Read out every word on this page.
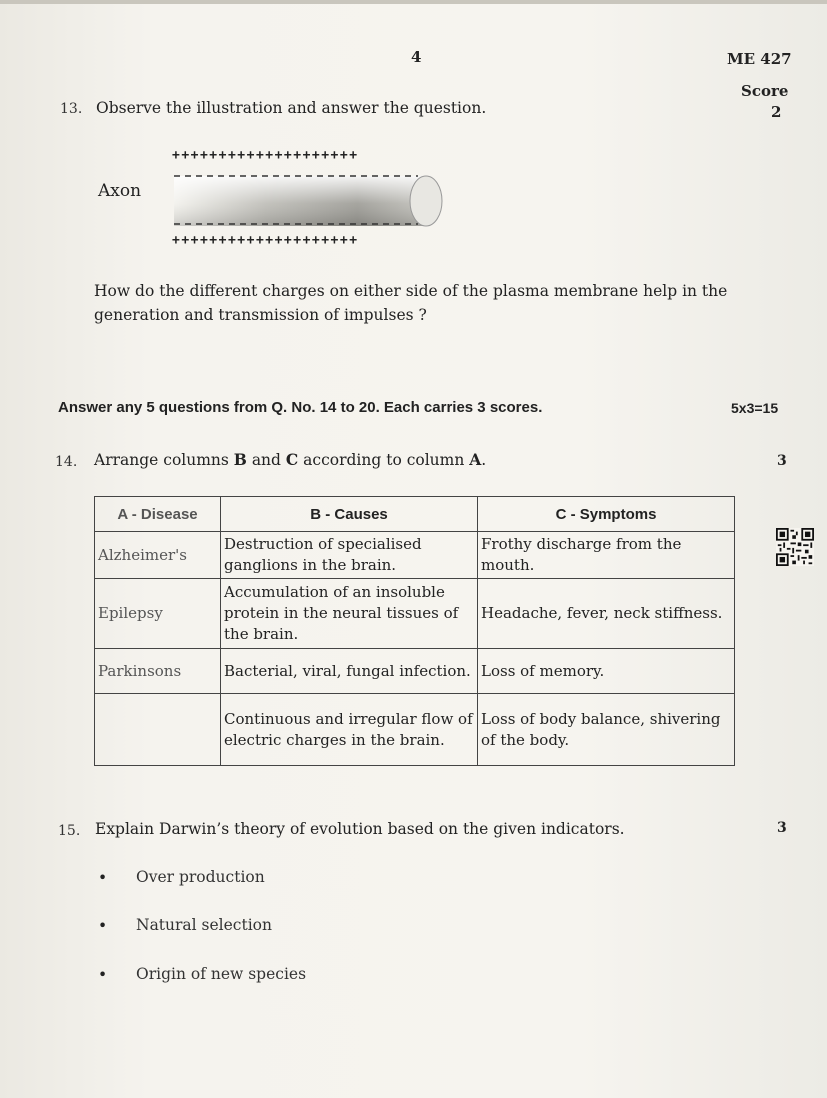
4	ME 427
Score
13. Observe the illustration and answer the question.	2
++++++++++++++++++++
Axon
++++++++++++++++++++
How do the different charges on either side of the plasma membrane help in the generation and transmission of impulses ?
Answer any 5 questions from Q. No. 14 to 20. Each carries 3 scores.	5x3=15
14. Arrange columns B and C according to column A.	3
A - Disease	B - Causes	C - Symptoms
Alzheimer's	Destruction of specialised ganglions in the brain.	Frothy discharge from the mouth.
Epilepsy	Accumulation of an insoluble protein in the neural tissues of the brain.	Headache, fever, neck stiffness.
Parkinsons	Bacterial, viral, fungal infection.	Loss of memory.
	Continuous and irregular flow of electric charges in the brain.	Loss of body balance, shivering of the body.
15. Explain Darwin’s theory of evolution based on the given indicators.	3
• Over production
• Natural selection
• Origin of new species
